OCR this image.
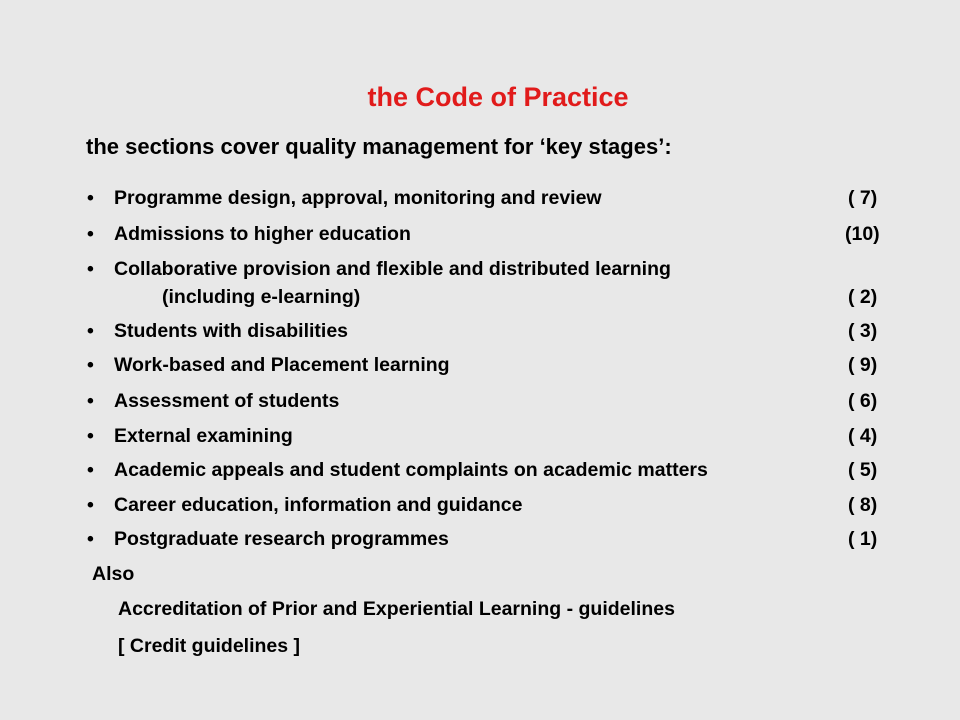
the Code of Practice
the sections cover quality management for ‘key stages’:
• Programme design, approval, monitoring and review	( 7)
• Admissions to higher education	(10)
• Collaborative provision and flexible and distributed learning
(including e-learning)	( 2)
• Students with disabilities	( 3)
• Work-based and Placement learning	( 9)
• Assessment of students	( 6)
• External examining	( 4)
• Academic appeals and student complaints on academic matters	( 5)
• Career education, information and guidance	( 8)
• Postgraduate research programmes	( 1)
Also
Accreditation of Prior and Experiential Learning - guidelines
[ Credit guidelines ]
